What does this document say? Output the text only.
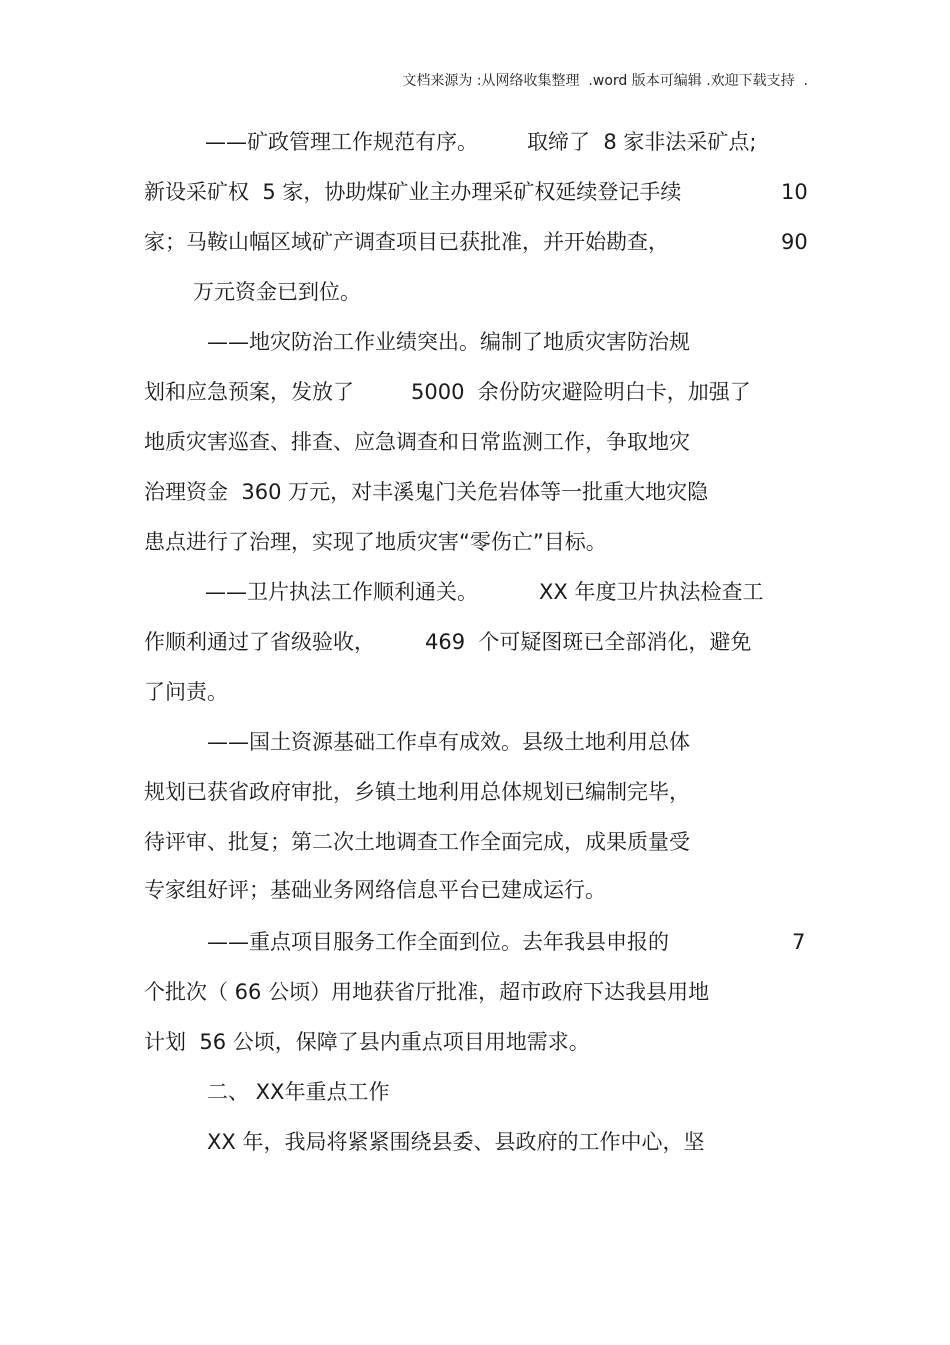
文档来源为 :从网络收集整理  .word 版本可编辑 .欢迎下载支持  .
——矿政管理工作规范有序。 取缔了  8 家非法采矿点;
新设采矿权  5 家，协助煤矿业主办理采矿权延续登记手续	10
家；马鞍山幅区域矿产调查项目已获批准，并开始勘查，	90
万元资金已到位。
——地灾防治工作业绩突出。编制了地质灾害防治规
划和应急预案，发放了	5000  余份防灾避险明白卡，加强了
地质灾害巡查、排查、应急调查和日常监测工作，争取地灾
治理资金  360 万元，对丰溪鬼门关危岩体等一批重大地灾隐
患点进行了治理，实现了地质灾害“零伤亡”目标。
——卫片执法工作顺利通关。	XX 年度卫片执法检查工
作顺利通过了省级验收， 469  个可疑图斑已全部消化，避免
了问责。
——国土资源基础工作卓有成效。县级土地利用总体
规划已获省政府审批，乡镇土地利用总体规划已编制完毕，
待评审、批复；第二次土地调查工作全面完成，成果质量受
专家组好评；基础业务网络信息平台已建成运行。
——重点项目服务工作全面到位。去年我县申报的	7
个批次（ 66 公顷）用地获省厅批准，超市政府下达我县用地
计划  56 公顷，保障了县内重点项目用地需求。
二、 XX年重点工作
XX 年，我局将紧紧围绕县委、县政府的工作中心，坚
